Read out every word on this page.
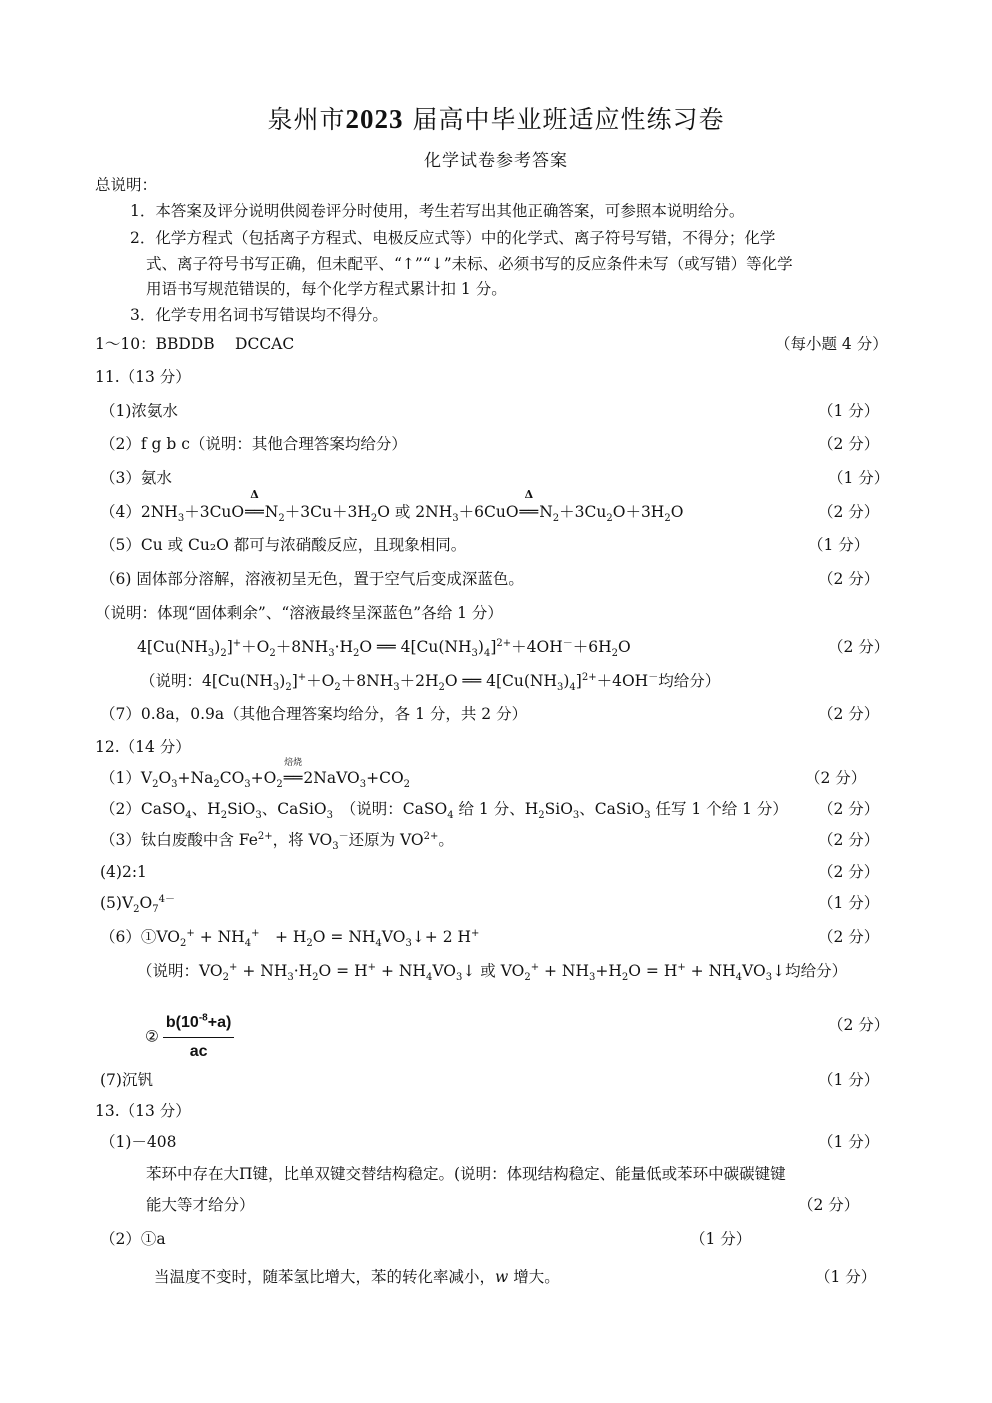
泉州市2023 届高中毕业班适应性练习卷
化学试卷参考答案
总说明：
1．本答案及评分说明供阅卷评分时使用，考生若写出其他正确答案，可参照本说明给分。
2．化学方程式（包括离子方程式、电极反应式等）中的化学式、离子符号写错，不得分；化学
式、离子符号书写正确，但未配平、“↑”“↓”未标、必须书写的反应条件未写（或写错）等化学
用语书写规范错误的，每个化学方程式累计扣 1 分。
3．化学专用名词书写错误均不得分。
1～10：BBDDB　 DCCAC	（每小题 4 分）
11.（13 分）
（1)浓氨水	（1 分）
（2）f g b c（说明：其他合理答案均给分）	（2 分）
（3）氨水	（1 分）
$(4)2NH_3+3CuO$
Δ
$══N_2+3Cu+3H_2O$ 或 $2NH_3+6CuO$
Δ
$══N_2+3Cu_2O+3H_2O$	（2 分）
（5）Cu 或 Cu₂O 都可与浓硝酸反应，且现象相同。	（1 分）
（6) 固体部分溶解，溶液初呈无色，置于空气后变成深蓝色。	（2 分）
（说明：体现“固体剩余”、“溶液最终呈深蓝色”各给 1 分）
$4[Cu(NH_3)_2]^++O_2+8NH_3\cdot H_2O$ ══ $4[Cu(NH_3)_4]^{2+}+4OH^-+6H_2O$	（2 分）
（说明：$4[Cu(NH_3)_2]^++O_2+8NH_3+2H_2O$ ══ $4[Cu(NH_3)_4]^{2+}+4OH^-$均给分）
（7）0.8a，0.9a（其他合理答案均给分，各 1 分，共 2 分）	（2 分）
12.（14 分）
$(1)V_2O_3+Na_2CO_3+O_2$
焙烧
$══2NaVO_3+CO_2$	（2 分）
（2）CaSO$_4$、$H_2SiO_3$、CaSiO$_3$　（说明：CaSO$_4$ 给 1 分、$H_2SiO_3$、CaSiO$_3$ 任写 1 个给 1 分） （2 分）
（3）钛白废酸中含 $Fe^{2+}$，将 $VO_3^-$还原为 $VO^{2+}$。	（2 分）
(4)2:1	（2 分）
$(5)V_2O_7^{4-}$	（1 分）
$(6)①VO_2^+ + NH_4^+$　+ $H_2O$ = $NH_4VO_3↓+ 2$ H+	（2 分）
（说明：$VO_2^+ + NH_3\cdot H_2O = H^+$ + $NH_4VO_3↓$ 或 $VO_2^+ + NH_3+H_2O = H^+$ + $NH_4VO_3↓$均给分）
② $\frac{b(10^{-8}+a)}{ac}$	（2 分）
(7)沉钒	（1 分）
13.（13 分）
（1)－408	（1 分）
苯环中存在大Π键，比单双键交替结构稳定。(说明：体现结构稳定、能量低或苯环中碳碳键键
能大等才给分）	（2 分）
（2）①a	（1 分）
当温度不变时，随苯氢比增大，苯的转化率减小，w 增大。	（1 分）
